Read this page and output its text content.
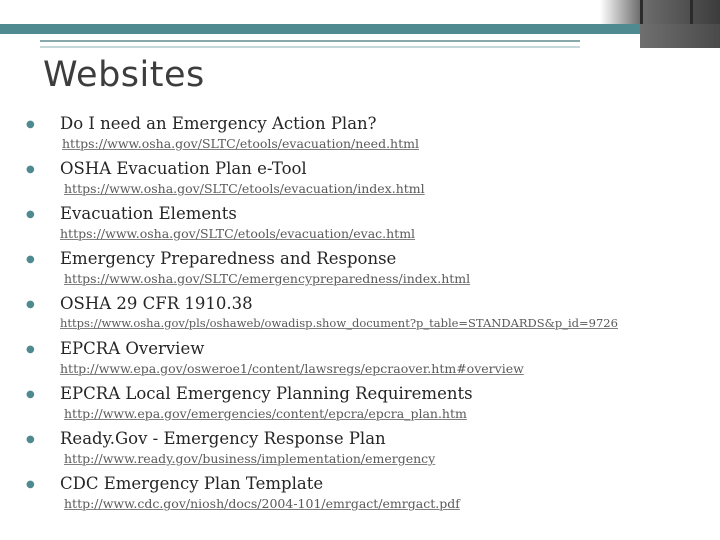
Websites
● Do I need an Emergency Action Plan?
https://www.osha.gov/SLTC/etools/evacuation/need.html
● OSHA Evacuation Plan e-Tool
https://www.osha.gov/SLTC/etools/evacuation/index.html
● Evacuation Elements
https://www.osha.gov/SLTC/etools/evacuation/evac.html
● Emergency Preparedness and Response
https://www.osha.gov/SLTC/emergencypreparedness/index.html
● OSHA 29 CFR 1910.38
https://www.osha.gov/pls/oshaweb/owadisp.show_document?p_table=STANDARDS&p_id=9726
● EPCRA Overview
http://www.epa.gov/osweroe1/content/lawsregs/epcraover.htm#overview
● EPCRA Local Emergency Planning Requirements
http://www.epa.gov/emergencies/content/epcra/epcra_plan.htm
● Ready.Gov - Emergency Response Plan
http://www.ready.gov/business/implementation/emergency
● CDC Emergency Plan Template
http://www.cdc.gov/niosh/docs/2004-101/emrgact/emrgact.pdf
